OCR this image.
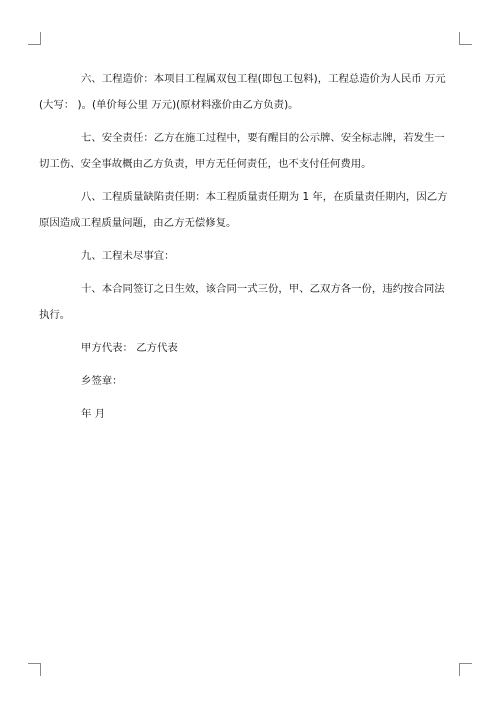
六、工程造价：本项目工程属双包工程(即包工包料)，工程总造价为人民币 万元
(大写： )。(单价每公里 万元)(原材料涨价由乙方负责)。

七、安全责任：乙方在施工过程中，要有醒目的公示牌、安全标志牌，若发生一
切工伤、安全事故概由乙方负责，甲方无任何责任，也不支付任何费用。

八、工程质量缺陷责任期：本工程质量责任期为 1 年，在质量责任期内，因乙方
原因造成工程质量问题，由乙方无偿修复。

九、工程未尽事宜：

十、本合同签订之日生效，该合同一式三份，甲、乙双方各一份，违约按合同法
执行。

甲方代表： 乙方代表

乡签章：

年 月
